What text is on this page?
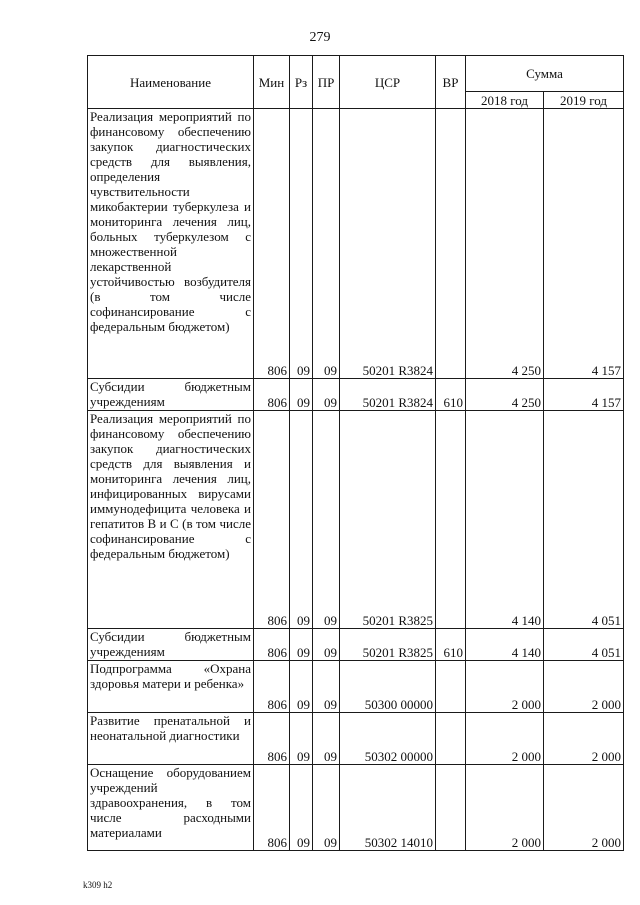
279
Наименование	Мин	Рз	ПР	ЦСР	ВР	Сумма	
						2018 год	2019 год
Реализация мероприятий по финансовому обеспечению закупок диагностических средств для выявления, определения чувствительности микобактерии туберкулеза и мониторинга лечения лиц, больных туберкулезом с множественной лекарственной устойчивостью возбудителя (в том числе софинансирование с федеральным бюджетом)	806	09	09	50201 R3824		4 250	4 157
Субсидии бюджетным учреждениям	806	09	09	50201 R3824	610	4 250	4 157
Реализация мероприятий по финансовому обеспечению закупок диагностических средств для выявления и мониторинга лечения лиц, инфицированных вирусами иммунодефицита человека и гепатитов B и C (в том числе софинансирование с федеральным бюджетом)	806	09	09	50201 R3825		4 140	4 051
Субсидии бюджетным учреждениям	806	09	09	50201 R3825	610	4 140	4 051
Подпрограмма «Охрана здоровья матери и ребенка»	806	09	09	50300 00000		2 000	2 000
Развитие пренатальной и неонатальной диагностики	806	09	09	50302 00000		2 000	2 000
Оснащение оборудованием учреждений здравоохранения, в том числе расходными материалами	806	09	09	50302 14010		2 000	2 000
k309 h2
